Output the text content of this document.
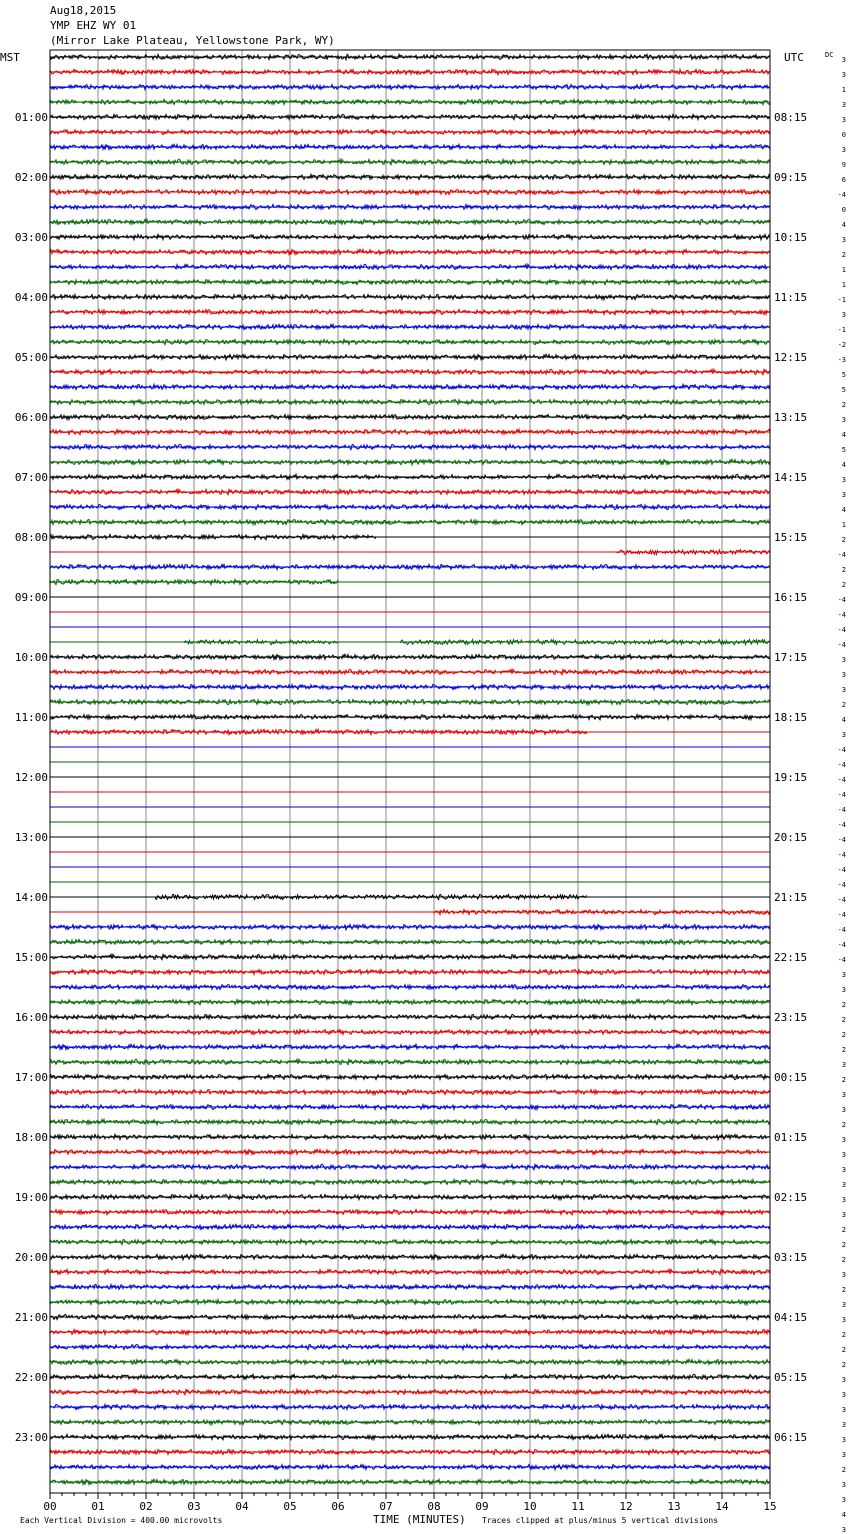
Aug18,2015
YMP EHZ WY 01
(Mirror Lake Plateau, Yellowstone Park, WY)
MST	UTC	DC
TIME (MINUTES)
Each Vertical Division = 400.00 microvolts	Traces clipped at plus/minus 5 vertical divisions
00	01	02	03	04	05	06	07	08	09	10	11	12	13	14	15
01:00
02:00
03:00
04:00
05:00
06:00
07:00
08:00
09:00
10:00
11:00
12:00
13:00
14:00
15:00
16:00
17:00
18:00
19:00
20:00
21:00
22:00
23:00
08:15
09:15
10:15
11:15
12:15
13:15
14:15
15:15
16:15
17:15
18:15
19:15
20:15
21:15
22:15
23:15
00:15
01:15
02:15
03:15
04:15
05:15
06:15
3
3
1
3
3
0
3
9
6
-4
0
4
3
2
1
1
-1
3
-1
-2
-3
5
5
2
3
4
5
4
3
3
4
1
2
-4
2
2
-4
-4
-4
-4
3
3
3
2
4
3
-4
-4
-4
-4
-4
-4
-4
-4
-4
-4
-4
-4
-4
-4
-4
3
3
2
2
2
2
3
2
3
3
2
3
3
3
3
3
3
2
2
2
3
2
3
3
2
2
2
3
3
3
3
3
3
2
3
3
4
3
